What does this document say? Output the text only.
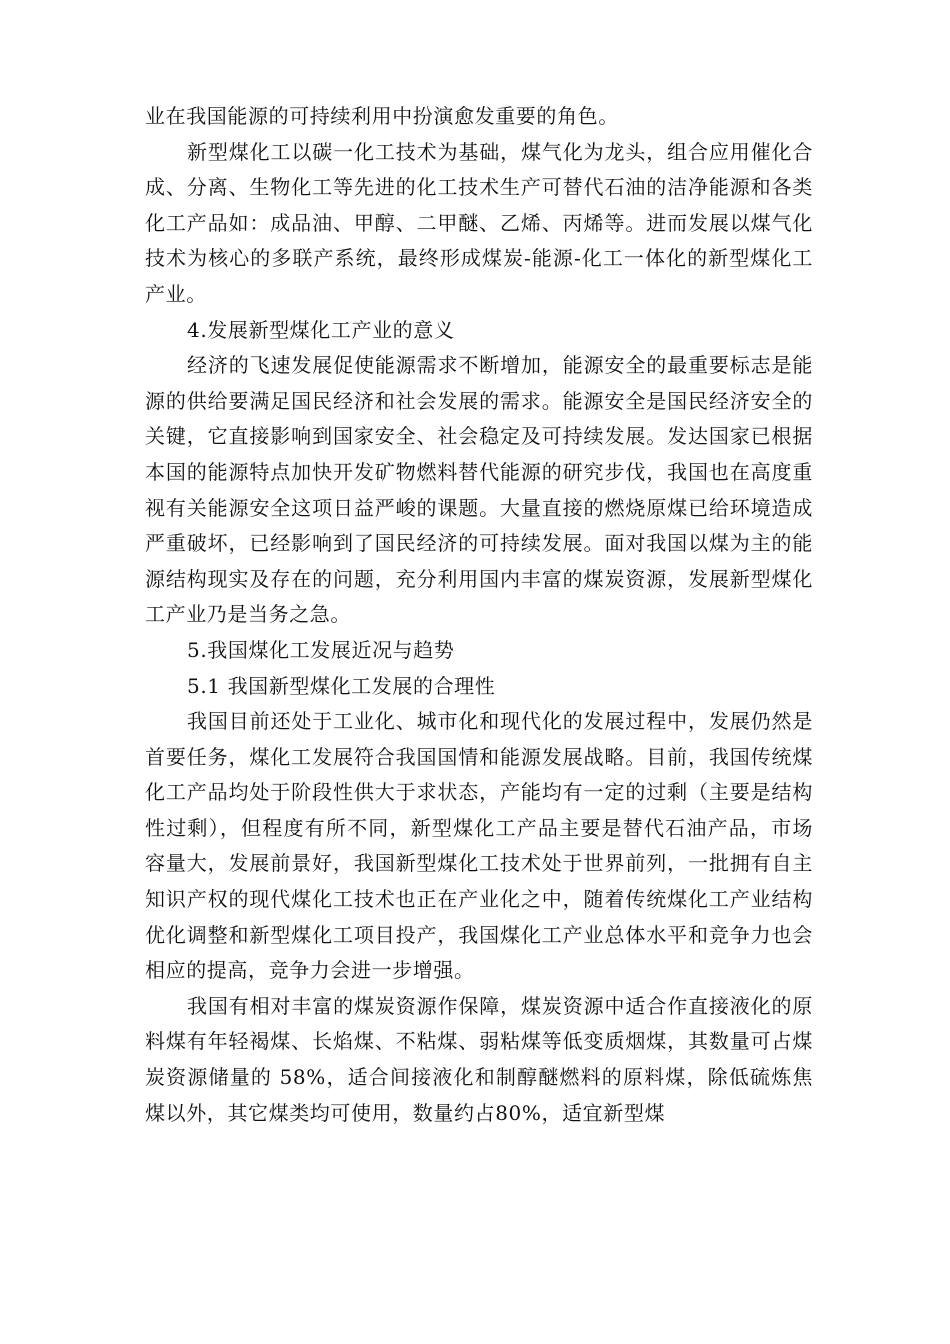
业在我国能源的可持续利用中扮演愈发重要的角色。

新型煤化工以碳一化工技术为基础，煤气化为龙头，组合应用催化合成、分离、生物化工等先进的化工技术生产可替代石油的洁净能源和各类化工产品如：成品油、甲醇、二甲醚、乙烯、丙烯等。进而发展以煤气化技术为核心的多联产系统，最终形成煤炭-能源-化工一体化的新型煤化工产业。

4.发展新型煤化工产业的意义

经济的飞速发展促使能源需求不断增加，能源安全的最重要标志是能源的供给要满足国民经济和社会发展的需求。能源安全是国民经济安全的关键，它直接影响到国家安全、社会稳定及可持续发展。发达国家已根据本国的能源特点加快开发矿物燃料替代能源的研究步伐，我国也在高度重视有关能源安全这项日益严峻的课题。大量直接的燃烧原煤已给环境造成严重破坏，已经影响到了国民经济的可持续发展。面对我国以煤为主的能源结构现实及存在的问题，充分利用国内丰富的煤炭资源，发展新型煤化工产业乃是当务之急。

5.我国煤化工发展近况与趋势

5.1 我国新型煤化工发展的合理性

我国目前还处于工业化、城市化和现代化的发展过程中，发展仍然是首要任务，煤化工发展符合我国国情和能源发展战略。目前，我国传统煤化工产品均处于阶段性供大于求状态，产能均有一定的过剩（主要是结构性过剩），但程度有所不同，新型煤化工产品主要是替代石油产品，市场容量大，发展前景好，我国新型煤化工技术处于世界前列，一批拥有自主知识产权的现代煤化工技术也正在产业化之中，随着传统煤化工产业结构优化调整和新型煤化工项目投产，我国煤化工产业总体水平和竞争力也会相应的提高，竞争力会进一步增强。

我国有相对丰富的煤炭资源作保障，煤炭资源中适合作直接液化的原料煤有年轻褐煤、长焰煤、不粘煤、弱粘煤等低变质烟煤，其数量可占煤炭资源储量的 58%，适合间接液化和制醇醚燃料的原料煤，除低硫炼焦煤以外，其它煤类均可使用，数量约占80%，适宜新型煤
